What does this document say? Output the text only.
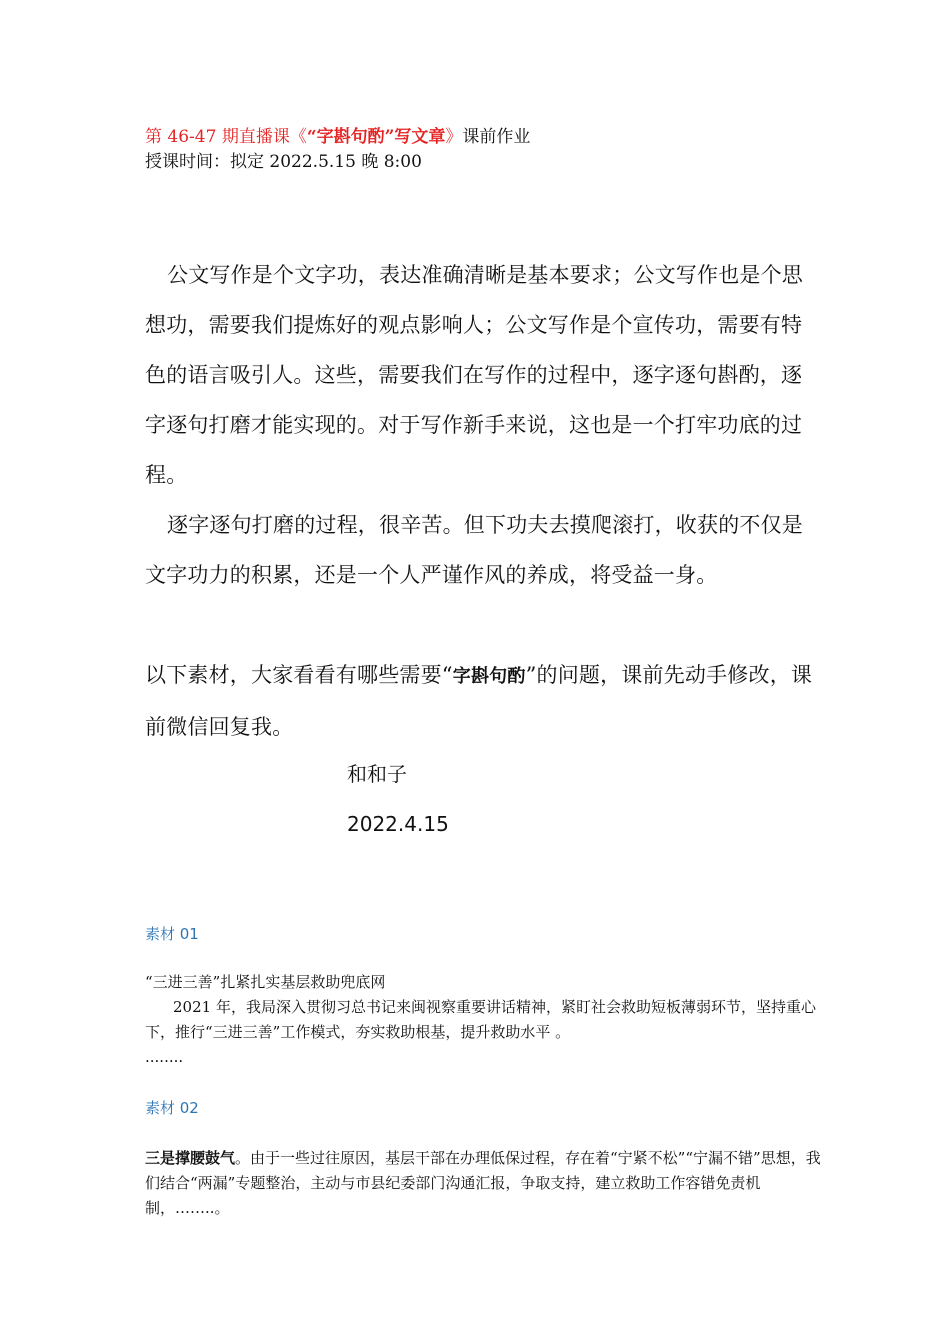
第 46-47 期直播课《“字斟句酌”写文章》课前作业
授课时间：拟定 2022.5.15 晚 8:00
公文写作是个文字功，表达准确清晰是基本要求；公文写作也是个思想功，需要我们提炼好的观点影响人；公文写作是个宣传功，需要有特色的语言吸引人。这些，需要我们在写作的过程中，逐字逐句斟酌，逐字逐句打磨才能实现的。对于写作新手来说，这也是一个打牢功底的过程。
逐字逐句打磨的过程，很辛苦。但下功夫去摸爬滚打，收获的不仅是文字功力的积累，还是一个人严谨作风的养成，将受益一身。
以下素材，大家看看有哪些需要“字斟句酌”的问题，课前先动手修改，课前微信回复我。
和和子
2022.4.15
素材 01
“三进三善”扎紧扎实基层救助兜底网
2021 年，我局深入贯彻习总书记来闽视察重要讲话精神，紧盯社会救助短板薄弱环节，坚持重心下，推行“三进三善”工作模式，夯实救助根基，提升救助水平 。
........
素材 02
三是撑腰鼓气。由于一些过往原因，基层干部在办理低保过程，存在着“宁紧不松”“宁漏不错”思想，我们结合“两漏”专题整治，主动与市县纪委部门沟通汇报，争取支持，建立救助工作容错免责机制，……..。
